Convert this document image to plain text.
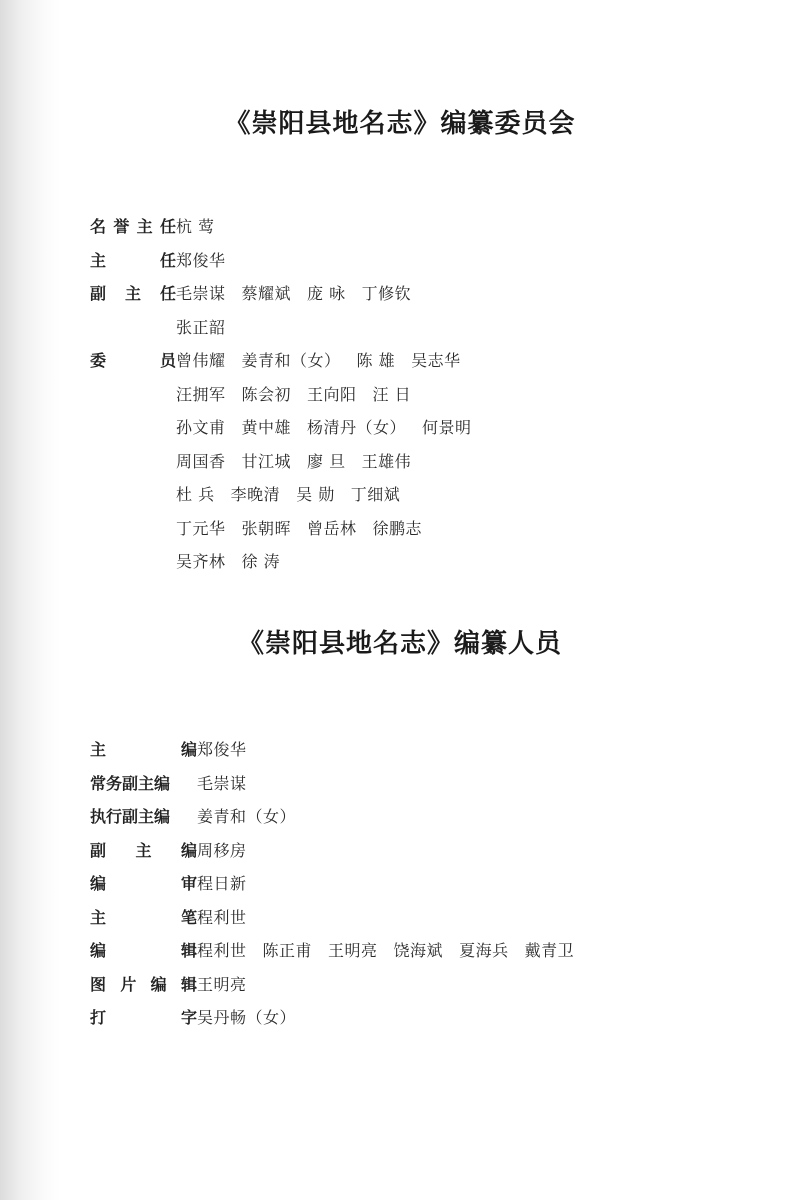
《崇阳县地名志》编纂委员会
名 誉 主 任 杭 莺
主	任 郑俊华
副 主 任 毛崇谋 蔡耀斌 庞 咏 丁修钦
张正韶
委	员 曾伟耀 姜青和（女） 陈 雄 吴志华
汪拥军 陈会初 王向阳 汪 日
孙文甫 黄中雄 杨清丹（女） 何景明
周国香 甘江城 廖 旦 王雄伟
杜 兵 李晚清 吴 勋 丁细斌
丁元华 张朝晖 曾岳林 徐鹏志
吴齐林 徐 涛
《崇阳县地名志》编纂人员
主	编 郑俊华
常务副主编	毛崇谋
执行副主编	姜青和（女）
副 主 编 周移房
编	审 程日新
主	笔 程利世
编	辑 程利世 陈正甫 王明亮 饶海斌 夏海兵 戴青卫
图 片 编 辑 王明亮
打	字 吴丹畅（女）
